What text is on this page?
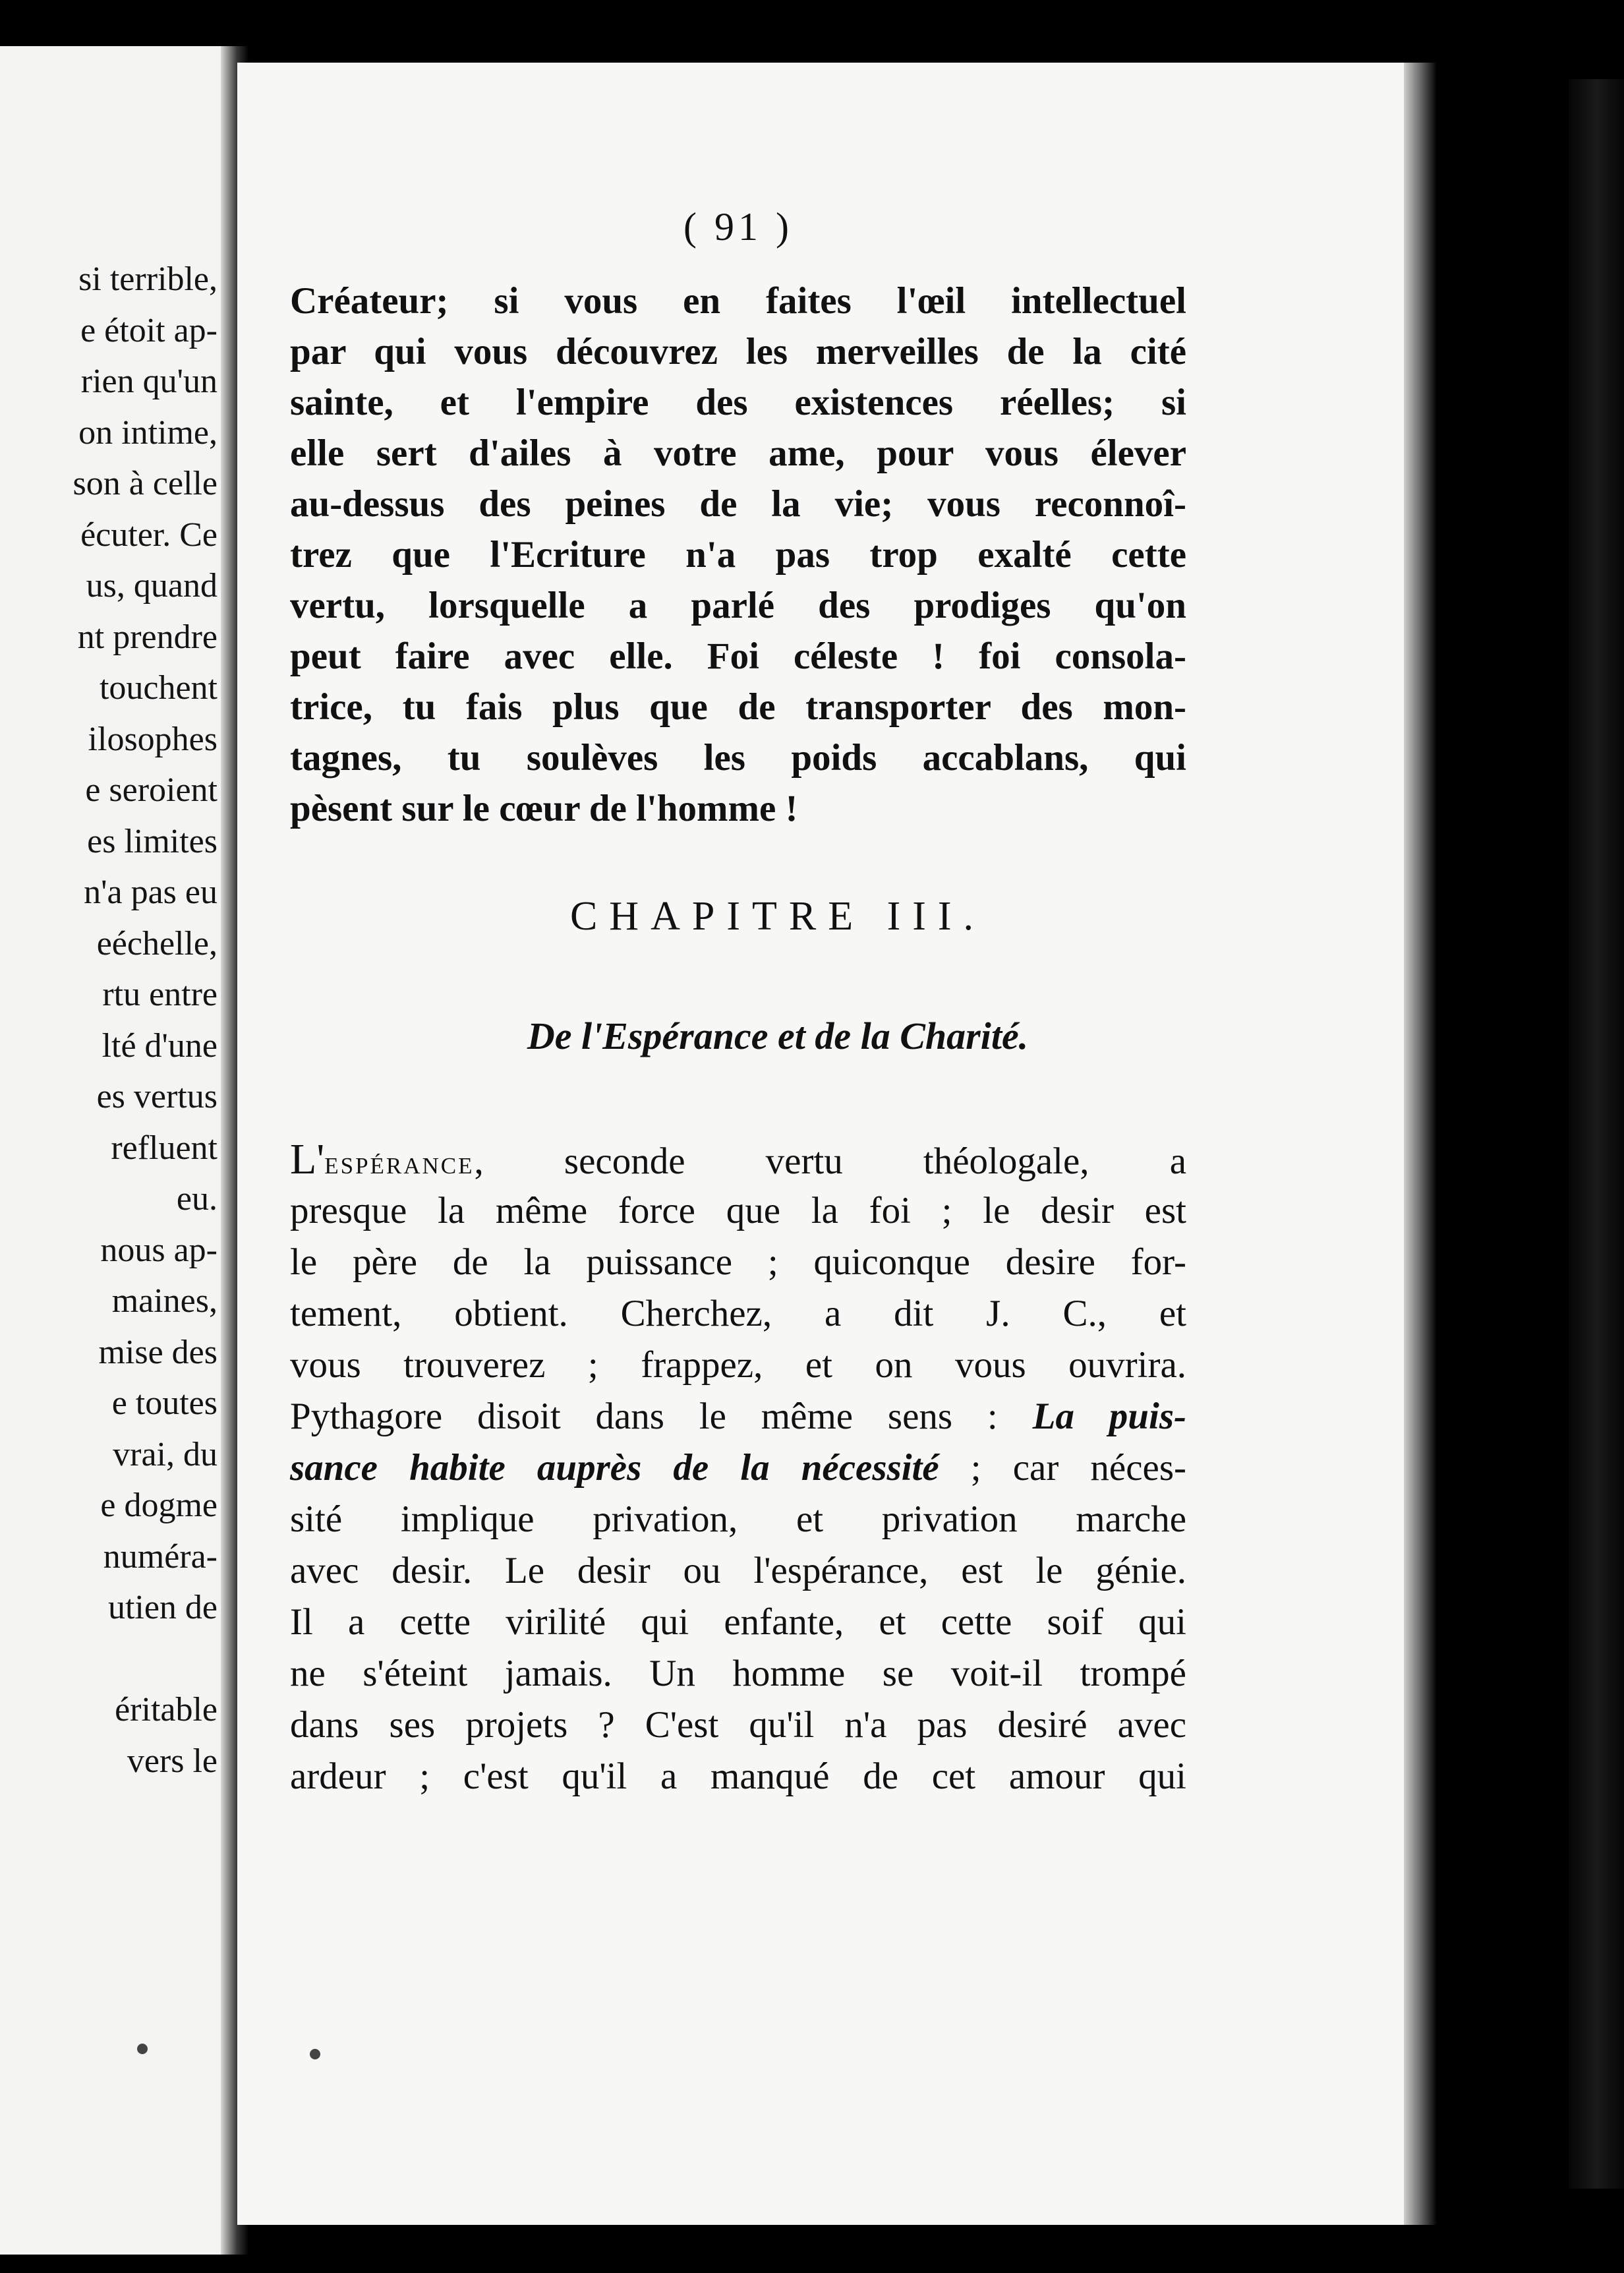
si terrible,
e étoit ap-
rien qu'un
on intime,
son à celle
écuter. Ce
us, quand
nt prendre
touchent
ilosophes
e seroient
es limites
n'a pas eu
eéchelle,
rtu entre
lté d'une
es vertus
refluent
eu.
nous ap-
maines,
mise des
e toutes
vrai, du
e dogme
numéra-
utien de
éritable
vers le
( 91 )
Créateur; si vous en faites l'œil intellectuel
par qui vous découvrez les merveilles de la cité
sainte, et l'empire des existences réelles; si
elle sert d'ailes à votre ame, pour vous élever
au-dessus des peines de la vie; vous reconnoî-
trez que l'Ecriture n'a pas trop exalté cette
vertu, lorsquelle a parlé des prodiges qu'on
peut faire avec elle. Foi céleste ! foi consola-
trice, tu fais plus que de transporter des mon-
tagnes, tu soulèves les poids accablans, qui
pèsent sur le cœur de l'homme !
CHAPITRE III.
De l'Espérance et de la Charité.
L'espérance, seconde vertu théologale, a
presque la même force que la foi ; le desir est
le père de la puissance ; quiconque desire for-
tement, obtient. Cherchez, a dit J. C., et
vous trouverez ; frappez, et on vous ouvrira.
Pythagore disoit dans le même sens : La puis-
sance habite auprès de la nécessité ; car néces-
sité implique privation, et privation marche
avec desir. Le desir ou l'espérance, est le génie.
Il a cette virilité qui enfante, et cette soif qui
ne s'éteint jamais. Un homme se voit-il trompé
dans ses projets ? C'est qu'il n'a pas desiré avec
ardeur ; c'est qu'il a manqué de cet amour qui
